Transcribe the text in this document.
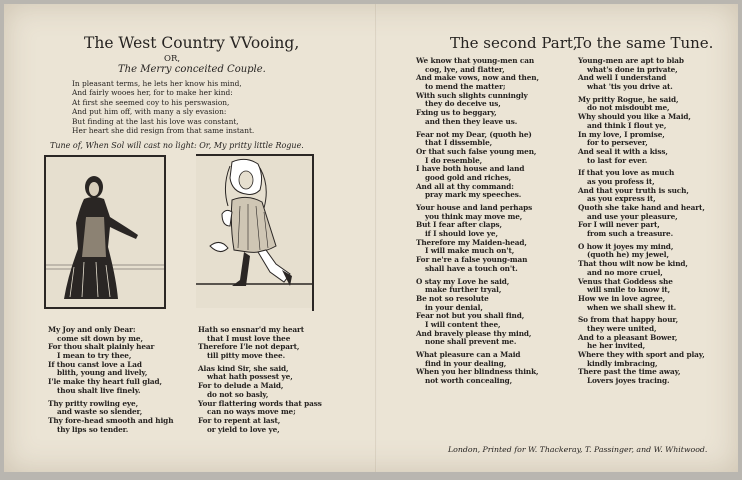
The West Country VVooing,
OR,
The Merry conceited Couple.
In pleasant terms, he lets her know his mind,
And fairly wooes her, for to make her kind:
At first she seemed coy to his perswasion,
And put him off, with many a sly evasion:
But finding at the last his love was constant,
Her heart she did resign from that same instant.
Tune of, When Sol will cast no light: Or, My pritty little Rogue.
My Joy and only Dear:
come sit down by me,
For thou shalt plainly hear
I mean to try thee,
If thou canst love a Lad
blith, young and lively,
I'le make thy heart full glad,
thou shalt live finely.
Thy pritty rowling eye,
and waste so slender,
Thy fore-head smooth and high
thy lips so tender.
Hath so ensnar'd my heart
that I must love thee
Therefore I'le not depart,
till pitty move thee.
Alas kind Sir, she said,
what hath possest ye,
For to delude a Maid,
do not so basly,
Your flattering words that pass
can no ways move me;
For to repent at last,
or yield to love ye,
The second Part,
To the same Tune.
We know that young-men can
cog, lye, and flatter,
And make vows, now and then,
to mend the matter;
With such slights cunningly
they do deceive us,
Fxing us to beggary,
and then they leave us.
Fear not my Dear, (quoth he)
that I dissemble,
Or that such false young men,
I do resemble,
I have both house and land
good gold and riches,
And all at thy command:
pray mark my speeches.
Your house and land perhaps
you think may move me,
But I fear after claps,
if I should love ye,
Therefore my Maiden-head,
I will make much on't,
For ne're a false young-man
shall have a touch on't.
O stay my Love he said,
make further tryal,
Be not so resolute
in your denial,
Fear not but you shall find,
I will content thee,
And bravely please thy mind,
none shall prevent me.
What pleasure can a Maid
find in your dealing,
When you her blindness think,
not worth concealing,
Young-men are apt to blab
what's done in private,
And well I understand
what 'tis you drive at.
My pritty Rogue, he said,
do not misdoubt me,
Why should you like a Maid,
and think I flout ye,
In my love, I promise,
for to persever,
And seal it with a kiss,
to last for ever.
If that you love as much
as you profess it,
And that your truth is such,
as you express it,
Quoth she take hand and heart,
and use your pleasure,
For I will never part,
from such a treasure.
O how it joyes my mind,
(quoth he) my jewel,
That thou wilt now be kind,
and no more cruel,
Venus that Goddess she
will smile to know it,
How we in love agree,
when we shall shew it.
So from that happy hour,
they were united,
And to a pleasant Bower,
he her invited,
Where they with sport and play,
kindly imbracing,
There past the time away,
Lovers joyes tracing.
London, Printed for W. Thackeray, T. Passinger, and W. Whitwood.
